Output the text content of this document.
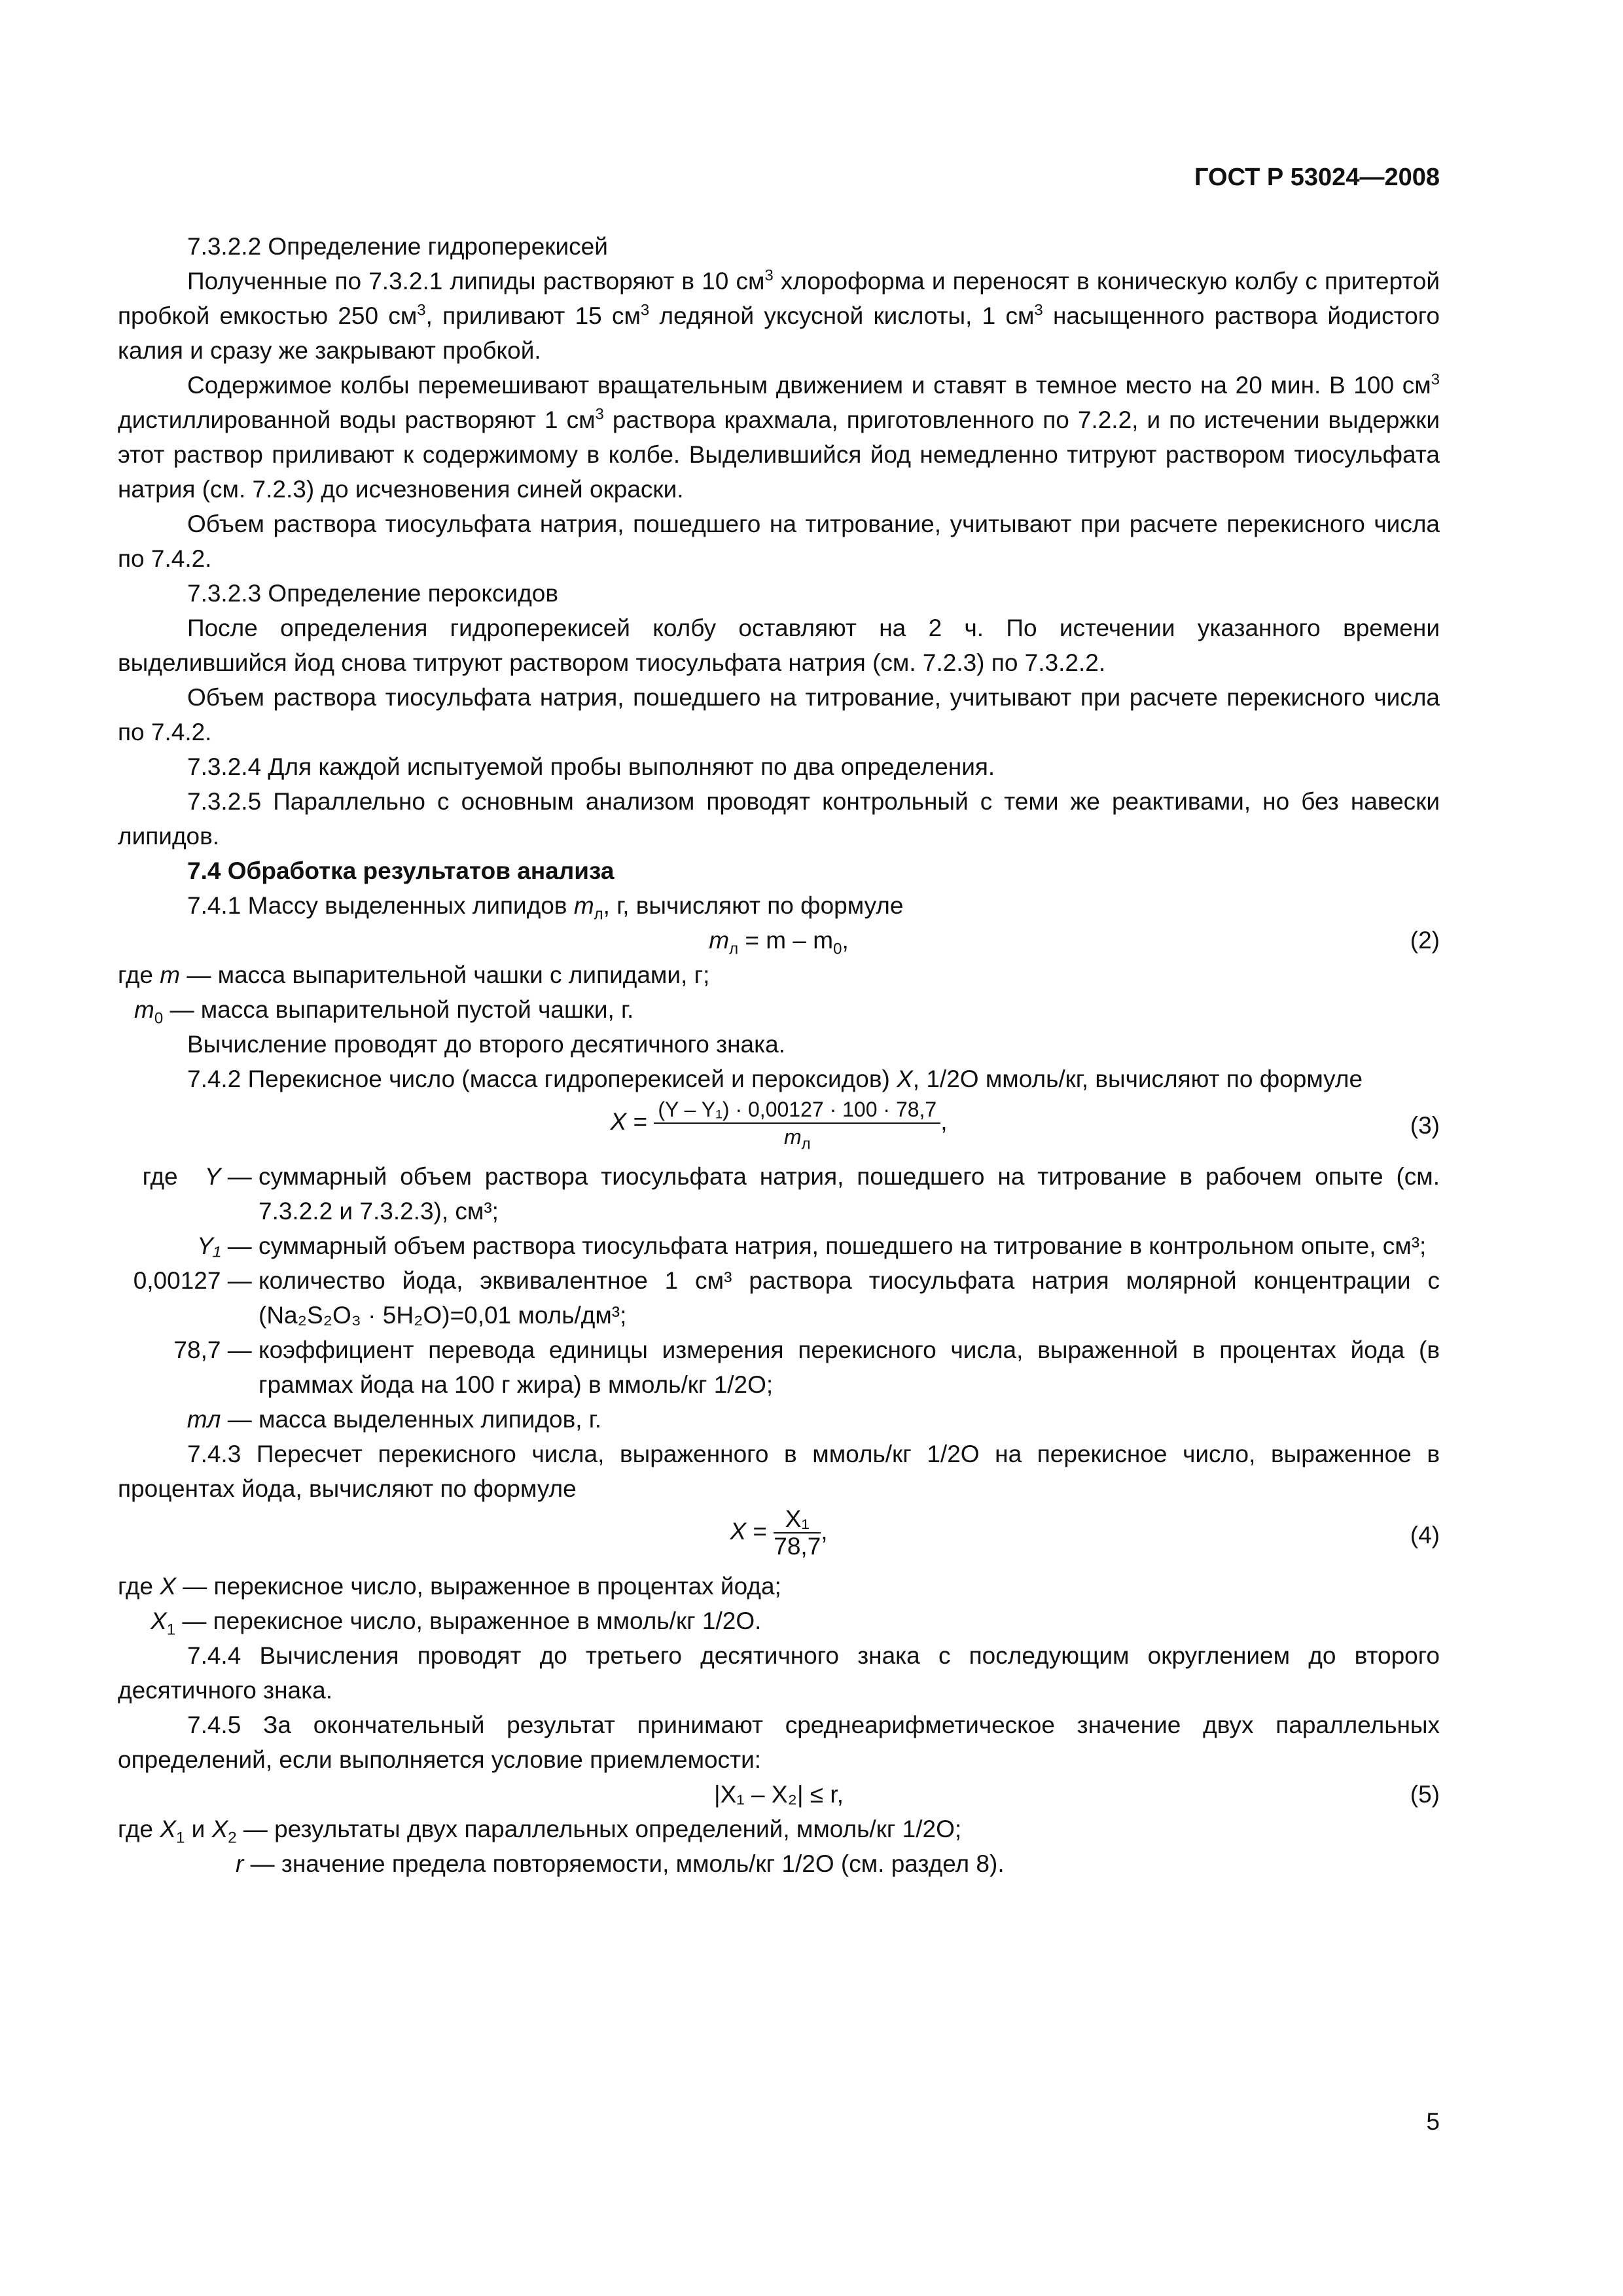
ГОСТ Р 53024—2008

7.3.2.2 Определение гидроперекисей

Полученные по 7.3.2.1 липиды растворяют в 10 $см^3$ хлороформа и переносят в коническую колбу с притертой пробкой емкостью 250 $см^3$, приливают 15 $см^3$ ледяной уксусной кислоты, 1 $см^3$ насыщенного раствора йодистого калия и сразу же закрывают пробкой.

Содержимое колбы перемешивают вращательным движением и ставят в темное место на 20 мин. В 100 $см^3$ дистиллированной воды растворяют 1 $см^3$ раствора крахмала, приготовленного по 7.2.2, и по истечении выдержки этот раствор приливают к содержимому в колбе. Выделившийся йод немедленно титруют раствором тиосульфата натрия (см. 7.2.3) до исчезновения синей окраски.

Объем раствора тиосульфата натрия, пошедшего на титрование, учитывают при расчете перекисного числа по 7.4.2.

7.3.2.3 Определение пероксидов

После определения гидроперекисей колбу оставляют на 2 ч. По истечении указанного времени выделившийся йод снова титруют раствором тиосульфата натрия (см. 7.2.3) по 7.3.2.2.

Объем раствора тиосульфата натрия, пошедшего на титрование, учитывают при расчете перекисного числа по 7.4.2.

7.3.2.4 Для каждой испытуемой пробы выполняют по два определения.

7.3.2.5 Параллельно с основным анализом проводят контрольный с теми же реактивами, но без навески липидов.

7.4 Обработка результатов анализа

7.4.1 Массу выделенных липидов $m_л$, г, вычисляют по формуле

$m_л = m - m_0$,	(2)

где m — масса выпарительной чашки с липидами, г;

$m_0$ — масса выпарительной пустой чашки, г.

Вычисление проводят до второго десятичного знака.

7.4.2 Перекисное число (масса гидроперекисей и пероксидов) X, 1/2О ммоль/кг, вычисляют по формуле

$X = \frac{\text{(Y – Y₁) · 0,00127 · 100 · 78,7}}{m_л}$ ,	(3)
где Y — суммарный объем раствора тиосульфата натрия, пошедшего на титрование в рабочем опыте (см. 7.3.2.2 и 7.3.2.3), см³;
Y₁ — суммарный объем раствора тиосульфата натрия, пошедшего на титрование в контрольном опыте, см³;
0,00127 — количество йода, эквивалентное 1 см³ раствора тиосульфата натрия молярной концентрации c (Na₂S₂O₃ · 5H₂O)=0,01 моль/дм³;
78,7 — коэффициент перевода единицы измерения перекисного числа, выраженной в процентах йода (в граммах йода на 100 г жира) в ммоль/кг 1/2О;
mл — масса выделенных липидов, г.

7.4.3 Пересчет перекисного числа, выраженного в ммоль/кг 1/2О на перекисное число, выраженное в процентах йода, вычисляют по формуле

$X = \frac{\text{X₁}}{78,7}$ ,	(4)

где X — перекисное число, выраженное в процентах йода;

$X_1$ — перекисное число, выраженное в ммоль/кг 1/2О.

7.4.4 Вычисления проводят до третьего десятичного знака с последующим округлением до второго десятичного знака.

7.4.5 За окончательный результат принимают среднеарифметическое значение двух параллельных определений, если выполняется условие приемлемости:

|X₁ – X₂| ≤ r,	(5)

где $X_1$ и $X_2$ — результаты двух параллельных определений, ммоль/кг 1/2О;

r — значение предела повторяемости, ммоль/кг 1/2О (см. раздел 8).

5
